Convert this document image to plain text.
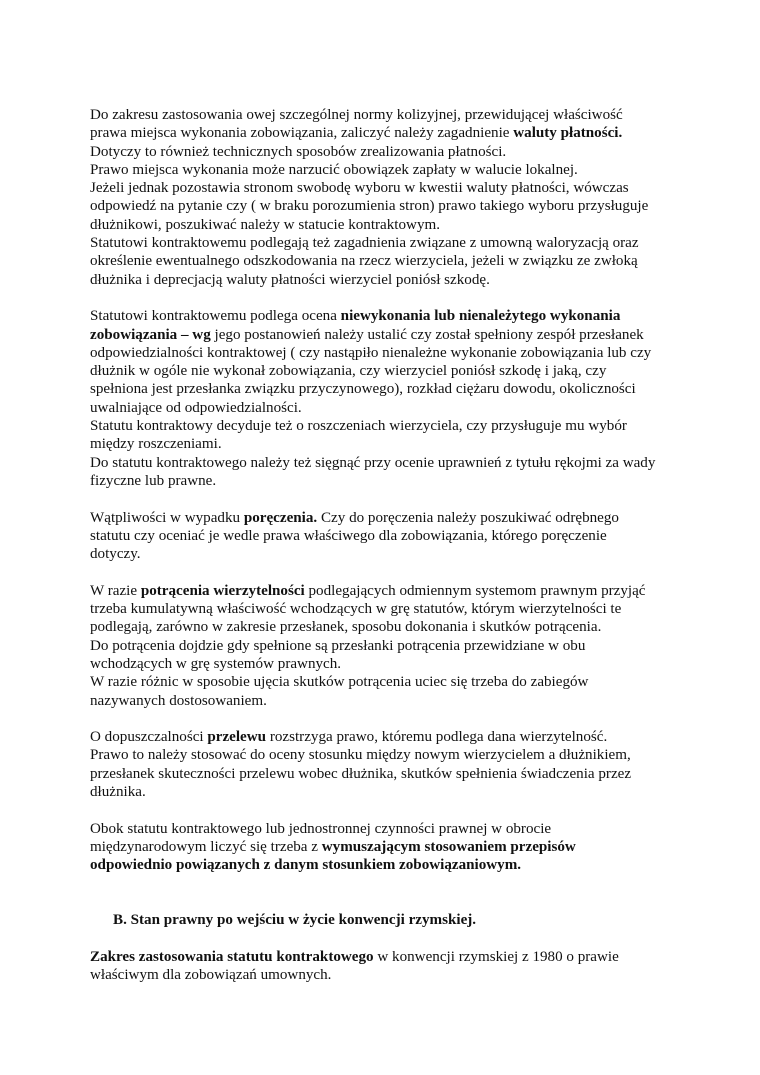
Do zakresu zastosowania owej szczególnej normy kolizyjnej, przewidującej właściwość
prawa miejsca wykonania zobowiązania, zaliczyć należy zagadnienie waluty płatności.
Dotyczy to również technicznych sposobów zrealizowania płatności.
Prawo miejsca wykonania może narzucić obowiązek zapłaty w walucie lokalnej.
Jeżeli jednak pozostawia stronom swobodę wyboru w kwestii waluty płatności, wówczas
odpowiedź na pytanie czy ( w braku porozumienia stron) prawo takiego wyboru przysługuje
dłużnikowi, poszukiwać należy w statucie kontraktowym.
Statutowi kontraktowemu podlegają też zagadnienia związane z umowną waloryzacją oraz
określenie ewentualnego odszkodowania na rzecz wierzyciela, jeżeli w związku ze zwłoką
dłużnika i deprecjacją waluty płatności wierzyciel poniósł szkodę.
Statutowi kontraktowemu podlega ocena niewykonania lub nienależytego wykonania
zobowiązania – wg jego postanowień należy ustalić czy został spełniony zespół przesłanek
odpowiedzialności kontraktowej ( czy nastąpiło nienależne wykonanie zobowiązania lub czy
dłużnik w ogóle nie wykonał zobowiązania, czy wierzyciel poniósł szkodę i jaką, czy
spełniona jest przesłanka związku przyczynowego), rozkład ciężaru dowodu, okoliczności
uwalniające od odpowiedzialności.
Statutu kontraktowy decyduje też o roszczeniach wierzyciela, czy przysługuje mu wybór
między roszczeniami.
Do statutu kontraktowego należy też sięgnąć przy ocenie uprawnień z tytułu rękojmi za wady
fizyczne lub prawne.
Wątpliwości w wypadku poręczenia. Czy do poręczenia należy poszukiwać odrębnego
statutu czy oceniać je wedle prawa właściwego dla zobowiązania, którego poręczenie
dotyczy.
W razie potrącenia wierzytelności podlegających odmiennym systemom prawnym przyjąć
trzeba kumulatywną właściwość wchodzących w grę statutów, którym wierzytelności te
podlegają, zarówno w zakresie przesłanek, sposobu dokonania i skutków potrącenia.
Do potrącenia dojdzie gdy spełnione są przesłanki potrącenia przewidziane w obu
wchodzących w grę systemów prawnych.
W razie różnic w sposobie ujęcia skutków potrącenia uciec się trzeba do zabiegów
nazywanych dostosowaniem.
O dopuszczalności przelewu rozstrzyga prawo, któremu podlega dana wierzytelność.
Prawo to należy stosować do oceny stosunku między nowym wierzycielem a dłużnikiem,
przesłanek skuteczności przelewu wobec dłużnika, skutków spełnienia świadczenia przez
dłużnika.
Obok statutu kontraktowego lub jednostronnej czynności prawnej w obrocie
międzynarodowym liczyć się trzeba z wymuszającym stosowaniem przepisów
odpowiednio powiązanych z danym stosunkiem zobowiązaniowym.
B. Stan prawny po wejściu w życie konwencji rzymskiej.
Zakres zastosowania statutu kontraktowego w konwencji rzymskiej z 1980 o prawie
właściwym dla zobowiązań umownych.
